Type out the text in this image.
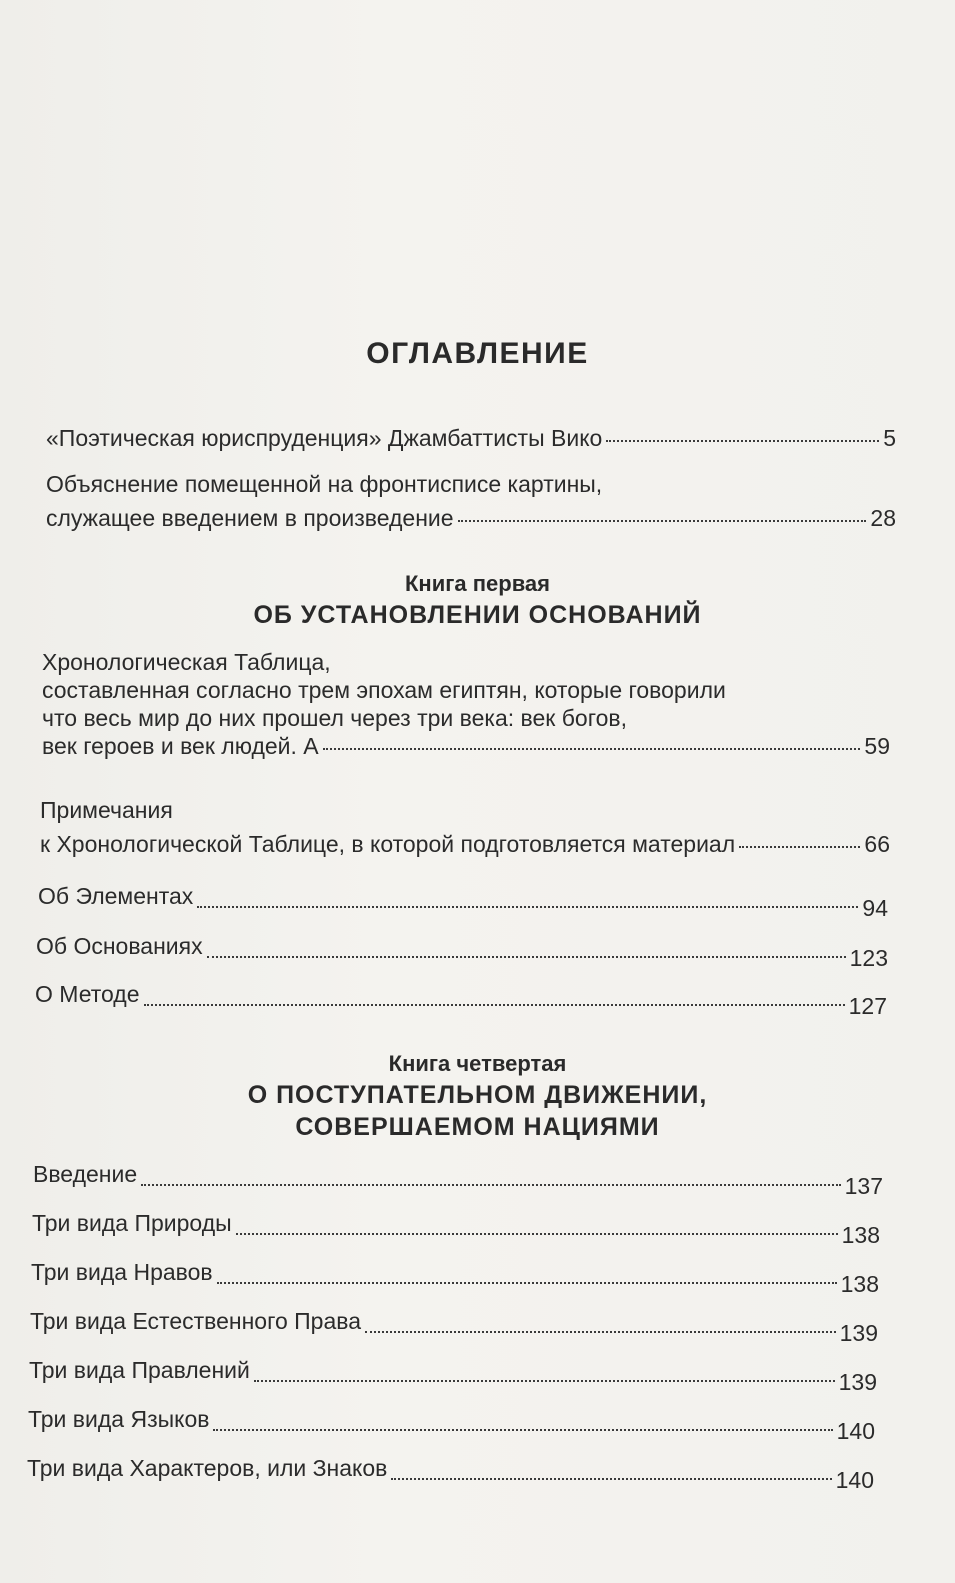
ОГЛАВЛЕНИЕ
«Поэтическая юриспруденция» Джамбаттисты Вико	5
Объяснение помещенной на фронтисписе картины,
служащее введением в произведение	28
Книга первая
ОБ УСТАНОВЛЕНИИ ОСНОВАНИЙ
Хронологическая Таблица,
составленная согласно трем эпохам египтян, которые говорили
что весь мир до них прошел через три века: век богов,
век героев и век людей. А	59
Примечания
к Хронологической Таблице, в которой подготовляется материал	66
Об Элементах	94
Об Основаниях	123
О Методе	127
Книга четвертая
О ПОСТУПАТЕЛЬНОМ ДВИЖЕНИИ,
СОВЕРШАЕМОМ НАЦИЯМИ
Введение	137
Три вида Природы	138
Три вида Нравов	138
Три вида Естественного Права	139
Три вида Правлений	139
Три вида Языков	140
Три вида Характеров, или Знаков	140
